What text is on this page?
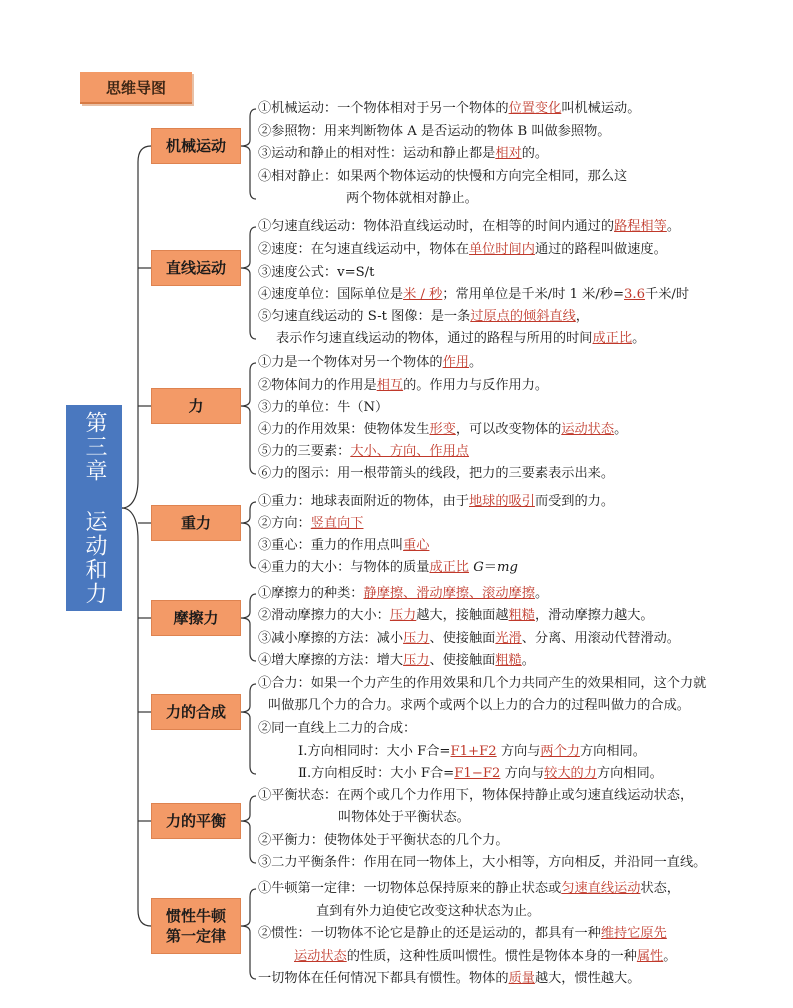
思维导图
第三章 运动和力
机械运动
①机械运动：一个物体相对于另一个物体的位置变化叫机械运动。
②参照物：用来判断物体 A 是否运动的物体 B 叫做参照物。
③运动和静止的相对性：运动和静止都是相对的。
④相对静止：如果两个物体运动的快慢和方向完全相同，那么这
两个物体就相对静止。
直线运动
①匀速直线运动：物体沿直线运动时，在相等的时间内通过的路程相等。
②速度：在匀速直线运动中，物体在单位时间内通过的路程叫做速度。
③速度公式：v=S/t
④速度单位：国际单位是米 / 秒；常用单位是千米/时 1 米/秒=3.6千米/时
⑤匀速直线运动的 S-t 图像：是一条过原点的倾斜直线，
表示作匀速直线运动的物体，通过的路程与所用的时间成正比。
力
①力是一个物体对另一个物体的作用。
②物体间力的作用是相互的。作用力与反作用力。
③力的单位：牛（N）
④力的作用效果：使物体发生形变，可以改变物体的运动状态。
⑤力的三要素：大小、方向、作用点
⑥力的图示：用一根带箭头的线段，把力的三要素表示出来。
重力
①重力：地球表面附近的物体，由于地球的吸引而受到的力。
②方向：竖直向下
③重心：重力的作用点叫重心
④重力的大小：与物体的质量成正比 G＝mg
摩擦力
①摩擦力的种类：静摩擦、滑动摩擦、滚动摩擦。
②滑动摩擦力的大小：压力越大，接触面越粗糙，滑动摩擦力越大。
③减小摩擦的方法：减小压力、使接触面光滑、分离、用滚动代替滑动。
④增大摩擦的方法：增大压力、使接触面粗糙。
力的合成
①合力：如果一个力产生的作用效果和几个力共同产生的效果相同，这个力就
叫做那几个力的合力。求两个或两个以上力的合力的过程叫做力的合成。
②同一直线上二力的合成：
Ⅰ.方向相同时：大小 F合=F1+F2 方向与两个力方向相同。
Ⅱ.方向相反时：大小 F合=F1−F2 方向与较大的力方向相同。
力的平衡
①平衡状态：在两个或几个力作用下，物体保持静止或匀速直线运动状态，
叫物体处于平衡状态。
②平衡力：使物体处于平衡状态的几个力。
③二力平衡条件：作用在同一物体上，大小相等，方向相反，并沿同一直线。
惯性牛顿第一定律
①牛顿第一定律：一切物体总保持原来的静止状态或匀速直线运动状态，
直到有外力迫使它改变这种状态为止。
②惯性：一切物体不论它是静止的还是运动的，都具有一种维持它原先
运动状态的性质，这种性质叫惯性。惯性是物体本身的一种属性。
一切物体在任何情况下都具有惯性。物体的质量越大，惯性越大。
